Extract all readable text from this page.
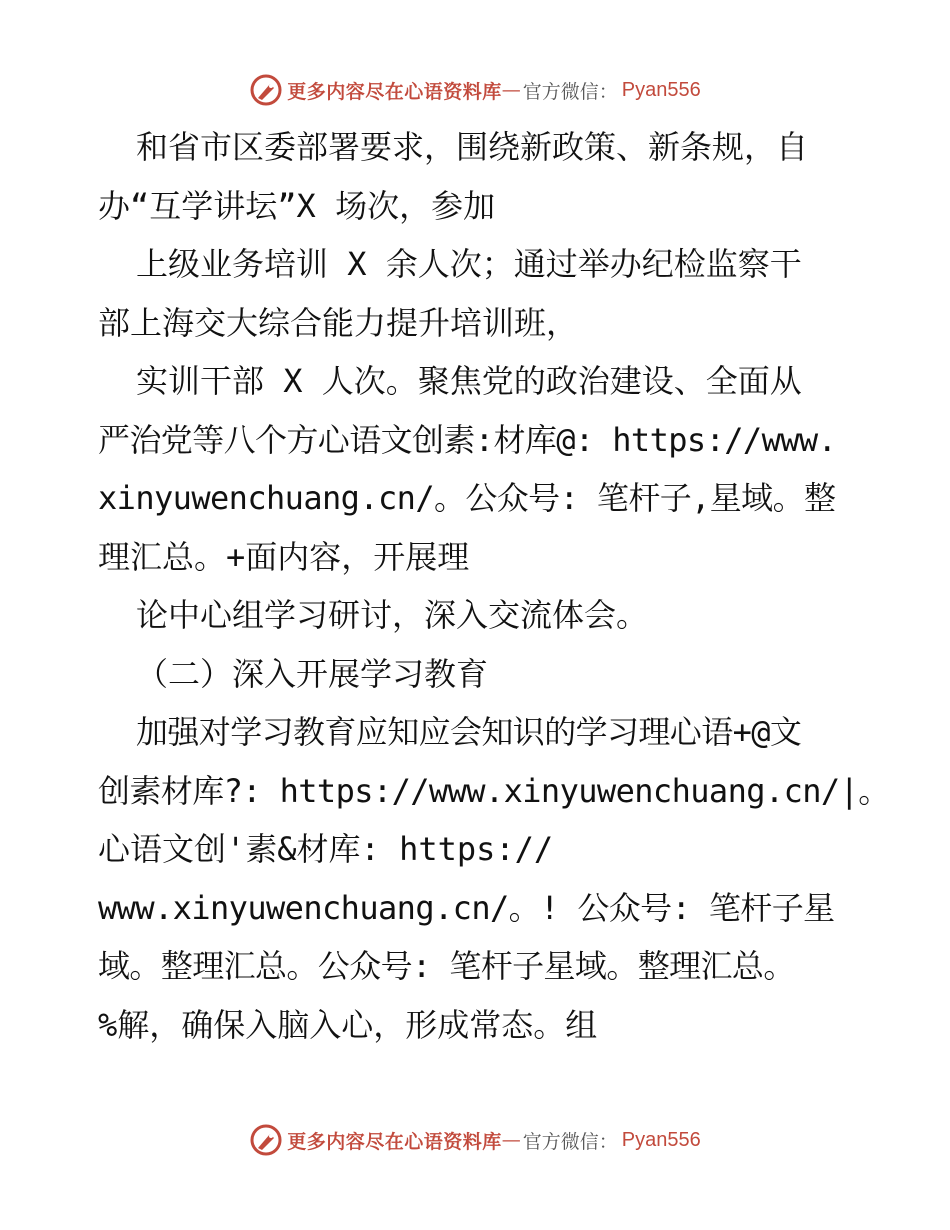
更多内容尽在心语资料库 — 官方微信： Pyan556
和省市区委部署要求，围绕新政策、新条规，自
办“互学讲坛”X 场次，参加
上级业务培训 X 余人次；通过举办纪检监察干
部上海交大综合能力提升培训班，
实训干部 X 人次。聚焦党的政治建设、全面从
严治党等八个方心语文创素:材库@: https://www.
xinyuwenchuang.cn/。公众号: 笔杆子,星域。整
理汇总。+面内容，开展理
论中心组学习研讨，深入交流体会。
（二）深入开展学习教育
加强对学习教育应知应会知识的学习理心语+@文
创素材库?: https://www.xinyuwenchuang.cn/|。
心语文创'素&材库: https://
www.xinyuwenchuang.cn/。! 公众号: 笔杆子星
域。整理汇总。公众号: 笔杆子星域。整理汇总。
%解，确保入脑入心，形成常态。组
更多内容尽在心语资料库 — 官方微信： Pyan556
